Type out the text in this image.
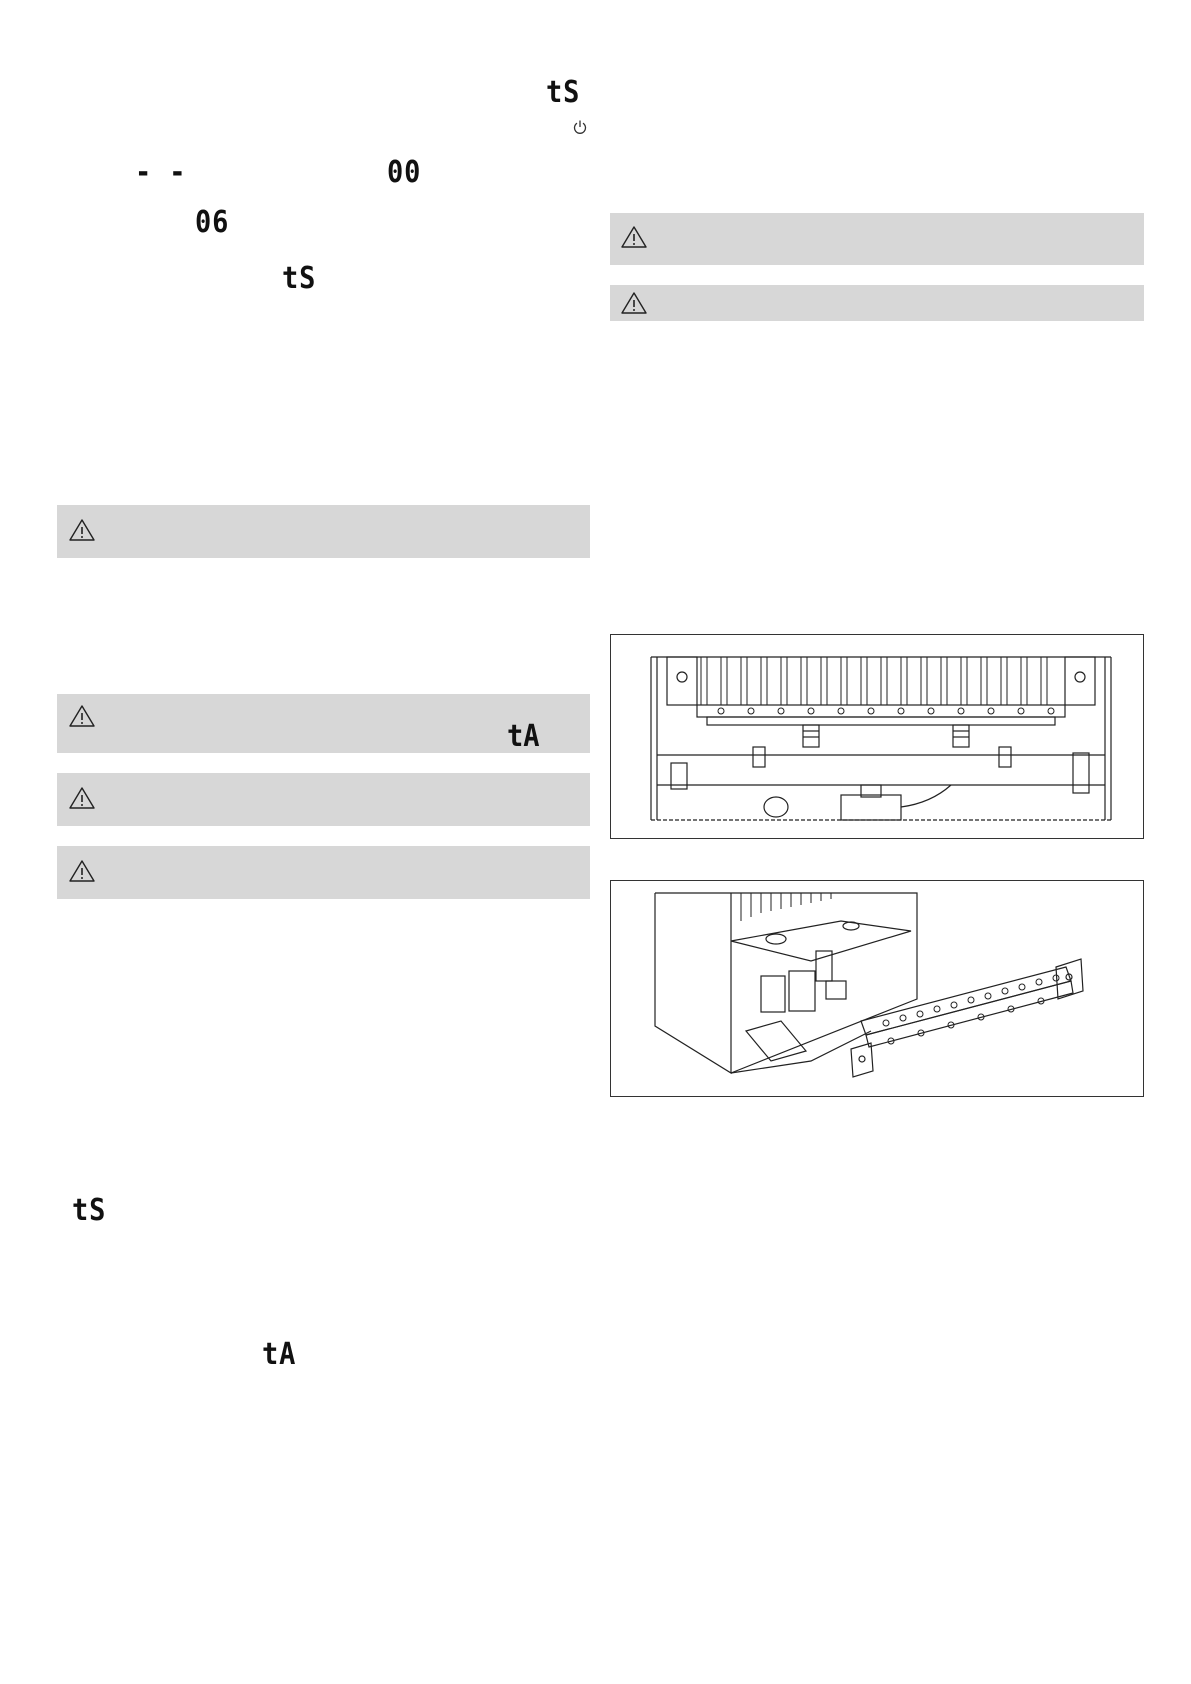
tS
- -	00
06
tS
tA
tS
tA
